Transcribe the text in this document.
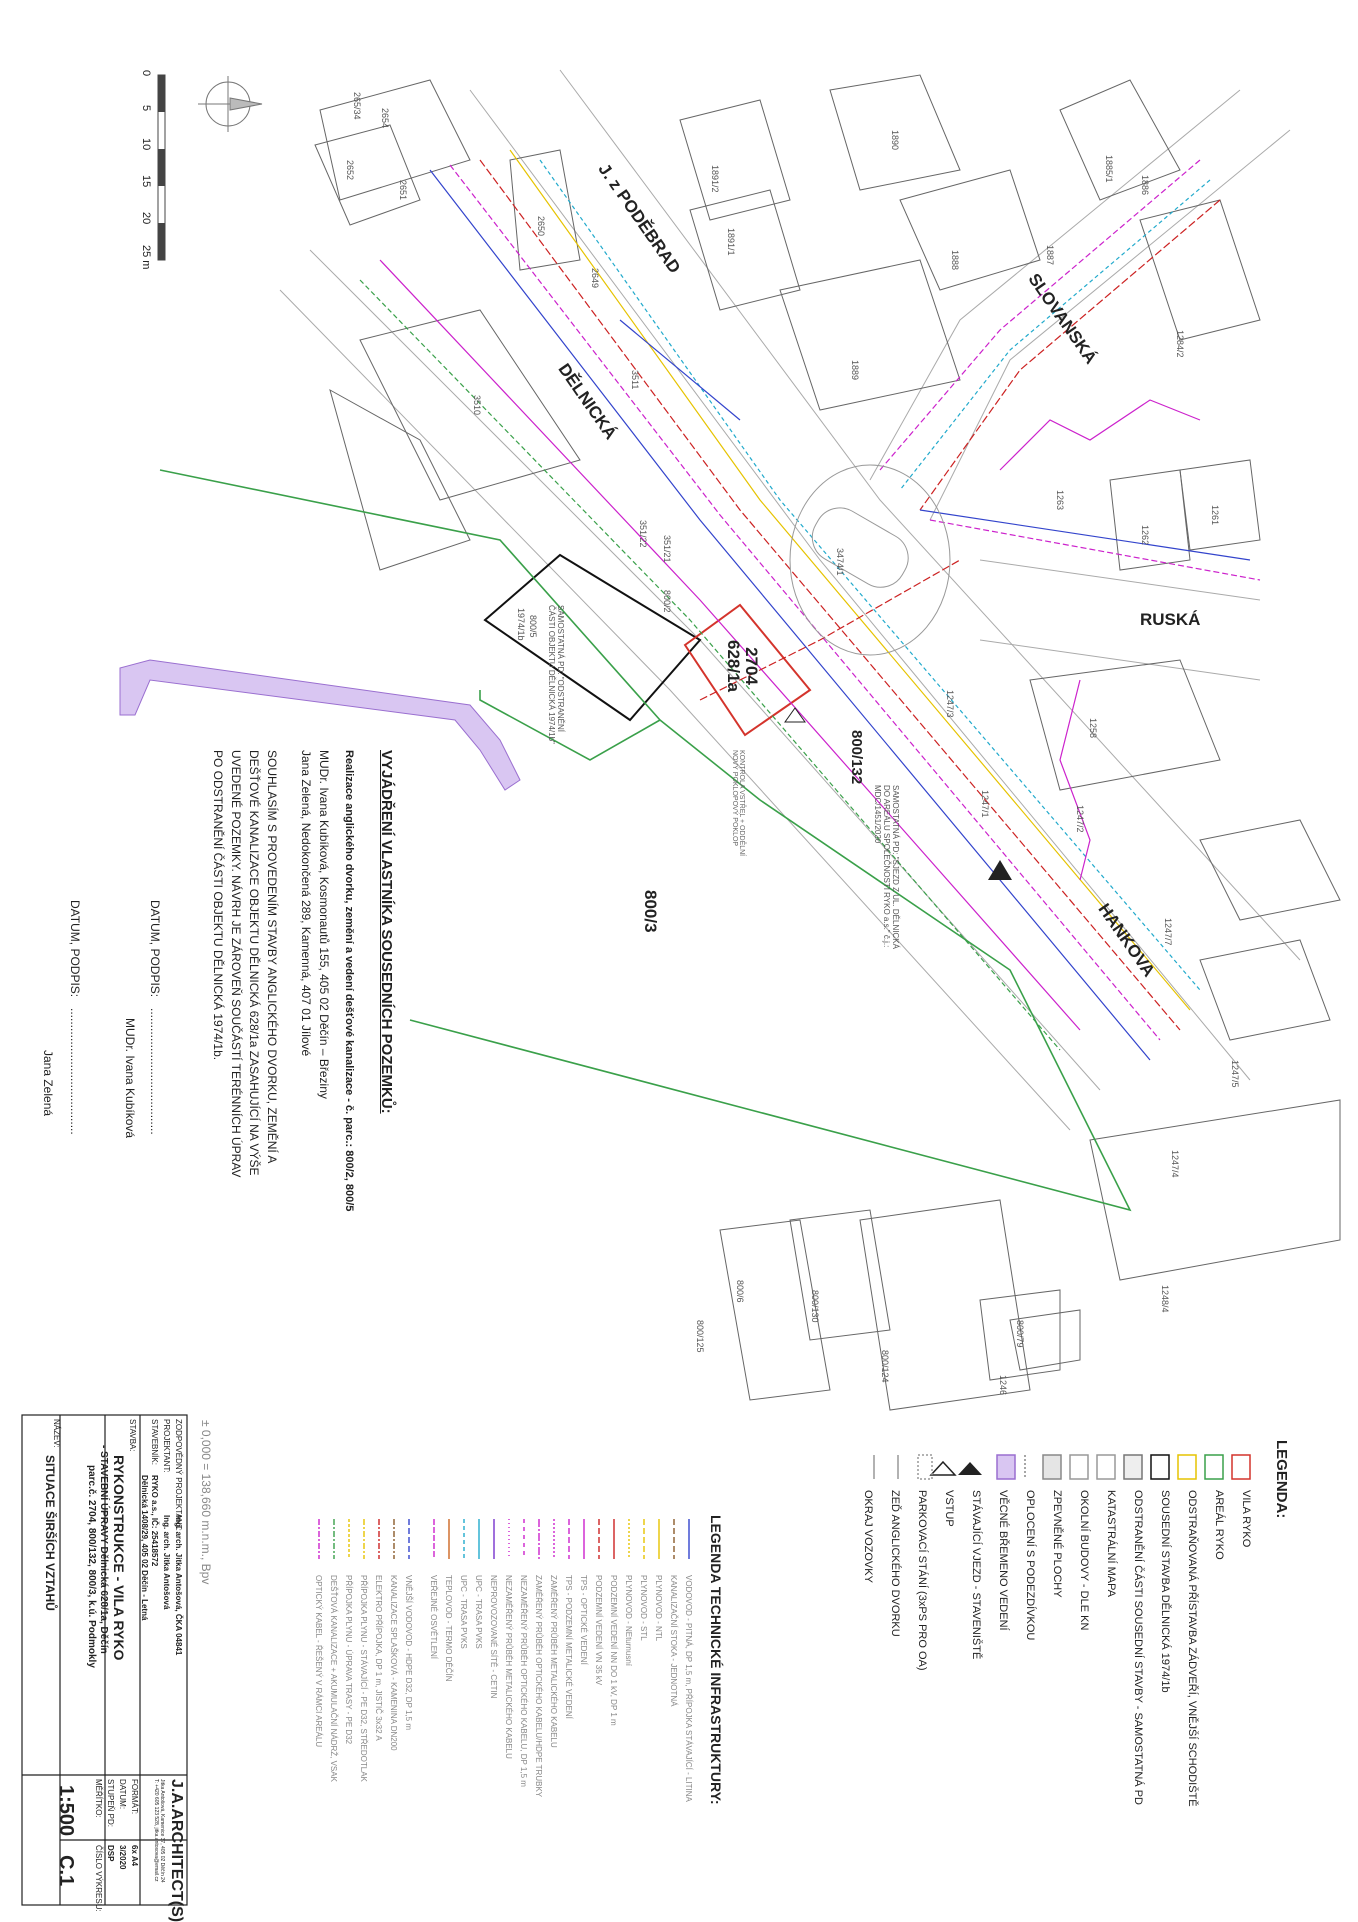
0
5
10
15
20
25 m	J. z PODĚBRAD
SLOVANSKÁ
DĚLNICKÁ
RUSKÁ
HANKOVA
2704
628/1a
800/132
800/3
SAMOSTATNÁ PD: "ODSTRANĚNÍ ČÁSTI OBJEKTU DĚLNICKÁ 1974/1b"
SAMOSTATNÁ PD: "SJEZD Z UL. DĚLNICKÁ DO AREÁLU SPOLEČNOSTI RYKO a.s." č.j.: MDC/1451/2020
KONTROLA VSTŘEL + ODDĚLNÍ NOVÝ POKLOPOVÝ POKLOP
265/34 2654
2652
2651
2650
2649
1891/2
1891/1
1890
1888
1889
1887
1886
1885/1
1284/2
1263
1262
1261
3511
3510
351/22
351/21
800/2
800/5
1974/1b
3474/1
1247/3
1258
1247/1
1247/2
1247/7
1247/5
1247/4
1248/4
800/6	800/130
800/125
800/124
800/79
1246
VYJÁDŘENÍ VLASTNÍKA SOUSEDNÍCH POZEMKŮ:
Realizace anglického dvorku, zemění a vedení dešťové kanalizace - č. parc.: 800/2, 800/5
MUDr. Ivana Kubíková, Kosmonautů 155, 405 02 Děčín – Březiny
Jana Zelená, Nedokončená 289, Kamenná, 407 01 Jílové
SOUHLASÍM S PROVEDENÍM STAVBY ANGLICKÉHO DVORKU, ZEMĚNÍ A
DEŠŤOVÉ KANALIZACE OBJEKTU DĚLNICKÁ 628/1a ZASAHUJÍCÍ NA VÝŠE
UVEDENÉ POZEMKY. NÁVRH JE ZÁROVEŇ SOUČÁSTÍ TERÉNNÍCH ÚPRAV
PO ODSTRANĚNÍ ČÁSTI OBJEKTU DĚLNICKÁ 1974/1b.
DATUM, PODPIS:
......................................
MUDr. Ivana Kubíková
DATUM, PODPIS:
......................................
Jana Zelená
LEGENDA:
VILA RYKO
AREÁL RYKO
ODSTRAŇOVANÁ PŘÍSTAVBA ZÁDVEŘÍ, VNĚJŠÍ SCHODIŠTĚ
SOUSEDNÍ STAVBA DĚLNICKÁ 1974/1b
ODSTRANĚNÍ ČÁSTI SOUSEDNÍ STAVBY - SAMOSTATNÁ PD
KATASTRÁLNÍ MAPA
OKOLNÍ BUDOVY - DLE KN
ZPEVNĚNÉ PLOCHY
OPLOCENÍ S PODEZDÍVKOU
VĚCNÉ BŘEMENO VEDENÍ
STÁVAJÍCÍ VJEZD - STAVENIŠTĚ
VSTUP
PARKOVACÍ STÁNÍ (3xPS PRO OA)
ZEĎ ANGLICKÉHO DVORKU
OKRAJ VOZOVKY
LEGENDA TECHNICKÉ INFRASTRUKTURY:
VODOVOD - PITNÁ, DP 1,5 m, PŘÍPOJKA STÁVAJÍCÍ - LITINA
KANALIZAČNÍ STOKA - JEDNOTNÁ
PLYNOVOD - NTL
PLYNOVOD - STL
PLYNOVOD - NEturnusní
PODZEMNÍ VEDENÍ NN DO 1 kV, DP 1 m
PODZEMNÍ VEDENÍ VN 35 kV
TPS - OPTICKÉ VEDENÍ
TPS - PODZEMNÍ METALICKÉ VEDENÍ
ZAMĚŘENÝ PRŮBĚH METALICKÉHO KABELU
ZAMĚŘENÝ PRŮBĚH OPTICKÉHO KABELU/HDPE TRUBKY
NEZAMĚŘENÝ PRŮBĚH OPTICKÉHO KABELU, DP 1,5 m
NEZAMĚŘENÝ PRŮBĚH METALICKÉHO KABELU
NEPROVOZOVANÉ SÍTĚ - CETIN
UPC - TRASA PVKS
UPC - TRASA PVKS
TEPLOVOD - TERMO DĚČÍN
VEŘEJNÉ OSVĚTLENÍ
VNĚJŠÍ VODOVOD - HDPE D32, DP 1,5 m
KANALIZACE SPLAŠKOVÁ - KAMENINA DN200
ELEKTRO PŘÍPOJKA, DP 1 m, JISTIČ 3x32 A
PŘÍPOJKA PLYNU - STÁVAJÍCÍ - PE D32, STŘEDOTLAK
PŘÍPOJKA PLYNU - ÚPRAVA TRASY - PE D32
DEŠŤOVÁ KANALIZACE + AKUMULAČNÍ NÁDRŽ, VSAK
OPTICKÝ KABEL - ŘEŠENÝ V RÁMCI AREÁLU
± 0,000 = 138,660 m.n.m., Bpv
ZODPOVĚDNÝ PROJEKTANT:
Ing. arch. Jitka Antošová, ČKA 04841
PROJEKTANT:
Ing. arch. Jitka Antošová
STAVEBNÍK:
RYKO a.s., IČ: 25418572
Dělnická 1408/29, 405 02 Děčín - Letná
STAVBA:
RYKONSTRUKCE - VILA RYKO
- STAVEBNÍ ÚPRAVY Dělnická 628/1a, Děčín
parc.č. 2704, 800/132, 800/3, k.ú. Podmokly
NÁZEV:
SITUACE ŠIRŠÍCH VZTAHŮ
J.A.ARCHITECT(S)
Jitka Antošová, Kamenice 37, 405 02 Děčín 24
T: +420 605 123 528, jitka.antosova@email.cz
FORMÁT:
6x A4
DATUM:
3/2020
STUPEŇ PD:
DSP
MĚŘÍTKO:
1:500
ČÍSLO VÝKRESU:
C.1
